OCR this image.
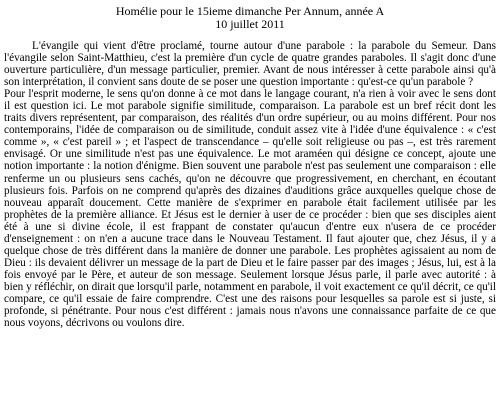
Homélie pour le 15ieme dimanche Per Annum, année A

10 juillet 2011

L'évangile qui vient d'être proclamé, tourne autour d'une parabole : la parabole du Semeur. Dans l'évangile selon Saint-Matthieu, c'est la première d'un cycle de quatre grandes paraboles. Il s'agit donc d'une ouverture particulière, d'un message particulier, premier. Avant de nous intéresser à cette parabole ainsi qu'à son interprétation, il convient sans doute de se poser une question importante : qu'est-ce qu'un parabole ?

Pour l'esprit moderne, le sens qu'on donne à ce mot dans le langage courant, n'a rien à voir avec le sens dont il est question ici. Le mot parabole signifie similitude, comparaison. La parabole est un bref récit dont les traits divers représentent, par comparaison, des réalités d'un ordre supérieur, ou au moins différent. Pour nos contemporains, l'idée de comparaison ou de similitude, conduit assez vite à l'idée d'une équivalence : « c'est comme », « c'est pareil » ; et l'aspect de transcendance – qu'elle soit religieuse ou pas –, est très rarement envisagé. Or une similitude n'est pas une équivalence. Le mot araméen qui désigne ce concept, ajoute une notion importante : la notion d'énigme. Bien souvent une parabole n'est pas seulement une comparaison : elle renferme un ou plusieurs sens cachés, qu'on ne découvre que progressivement, en cherchant, en écoutant plusieurs fois. Parfois on ne comprend qu'après des dizaines d'auditions grâce auxquelles quelque chose de nouveau apparaît doucement. Cette manière de s'exprimer en parabole était facilement utilisée par les prophètes de la première alliance. Et Jésus est le dernier à user de ce procéder : bien que ses disciples aient été à une si divine école, il est frappant de constater qu'aucun d'entre eux n'usera de ce procéder d'enseignement : on n'en a aucune trace dans le Nouveau Testament. Il faut ajouter que, chez Jésus, il y a quelque chose de très différent dans la manière de donner une parabole. Les prophètes agissaient au nom de Dieu : ils devaient délivrer un message de la part de Dieu et le faire passer par des images ; Jésus, lui, est à la fois envoyé par le Père, et auteur de son message. Seulement lorsque Jésus parle, il parle avec autorité : à bien y réfléchir, on dirait que lorsqu'il parle, notamment en parabole, il voit exactement ce qu'il décrit, ce qu'il compare, ce qu'il essaie de faire comprendre. C'est une des raisons pour lesquelles sa parole est si juste, si profonde, si pénétrante. Pour nous c'est différent : jamais nous n'avons une connaissance parfaite de ce que nous voyons, décrivons ou voulons dire.
